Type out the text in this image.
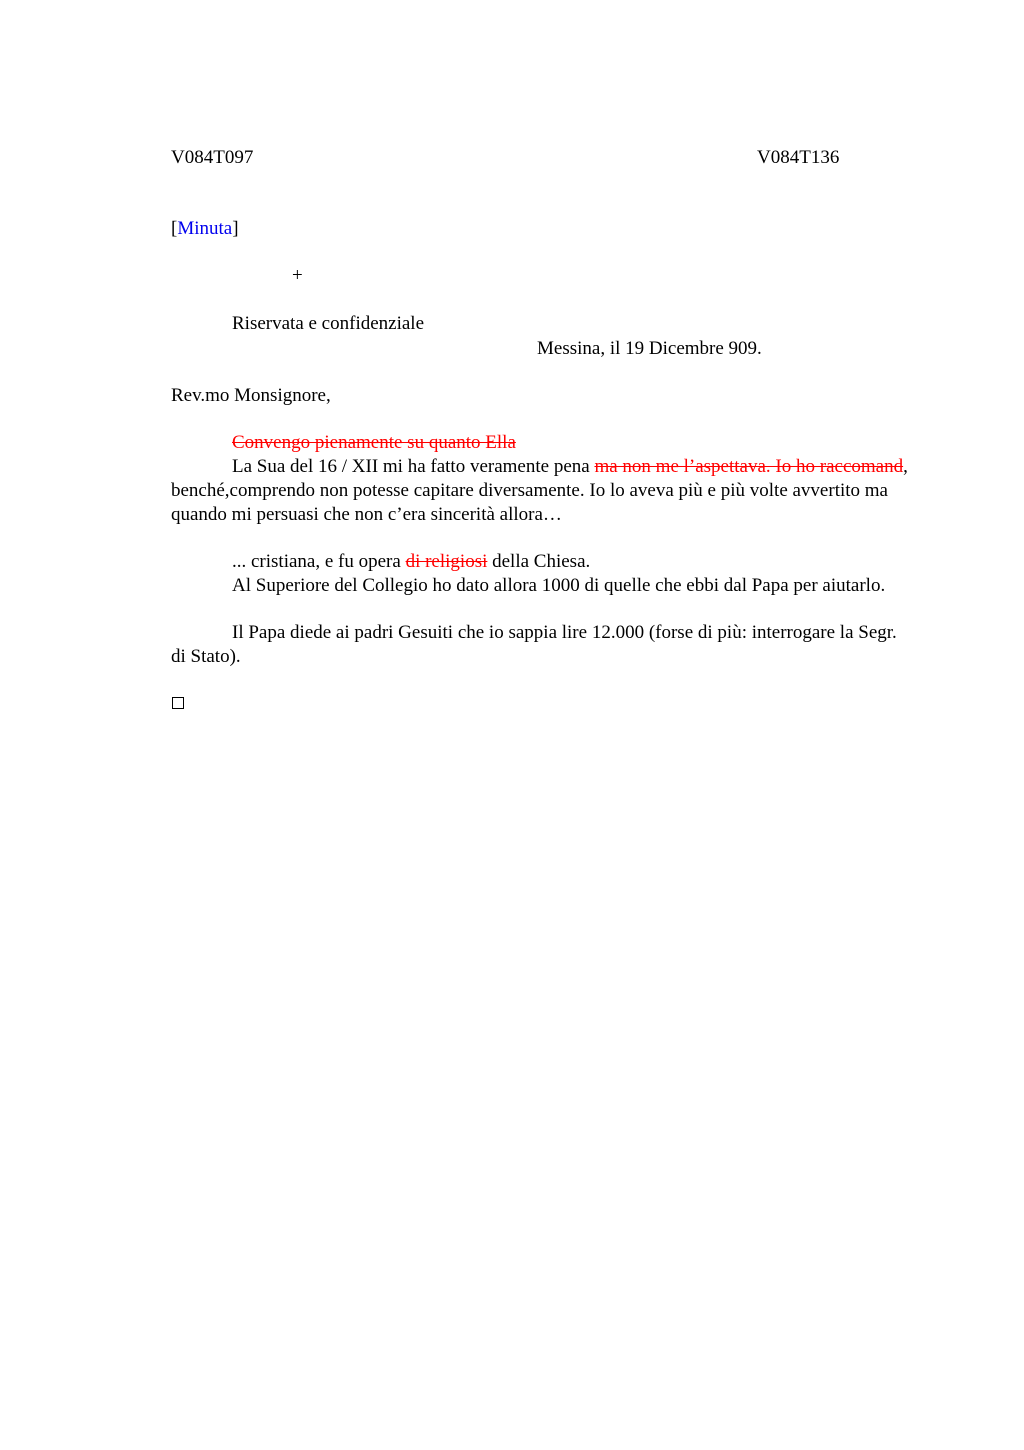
V084T097	V084T136
[Minuta]
+
Riservata e confidenziale
Messina, il 19 Dicembre 909.
Rev.mo Monsignore,
Convengo pienamente su quanto Ella
La Sua del 16 / XII mi ha fatto veramente pena ma non me l’aspettava. Io ho raccomand, benché,comprendo non potesse capitare diversamente. Io lo aveva più e più volte avvertito ma quando mi persuasi che non c’era sincerità allora…
... cristiana, e fu opera di religiosi della Chiesa.
Al Superiore del Collegio ho dato allora 1000 di quelle che ebbi dal Papa per aiutarlo.
Il Papa diede ai padri Gesuiti che io sappia lire 12.000 (forse di più: interrogare la Segr. di Stato).
